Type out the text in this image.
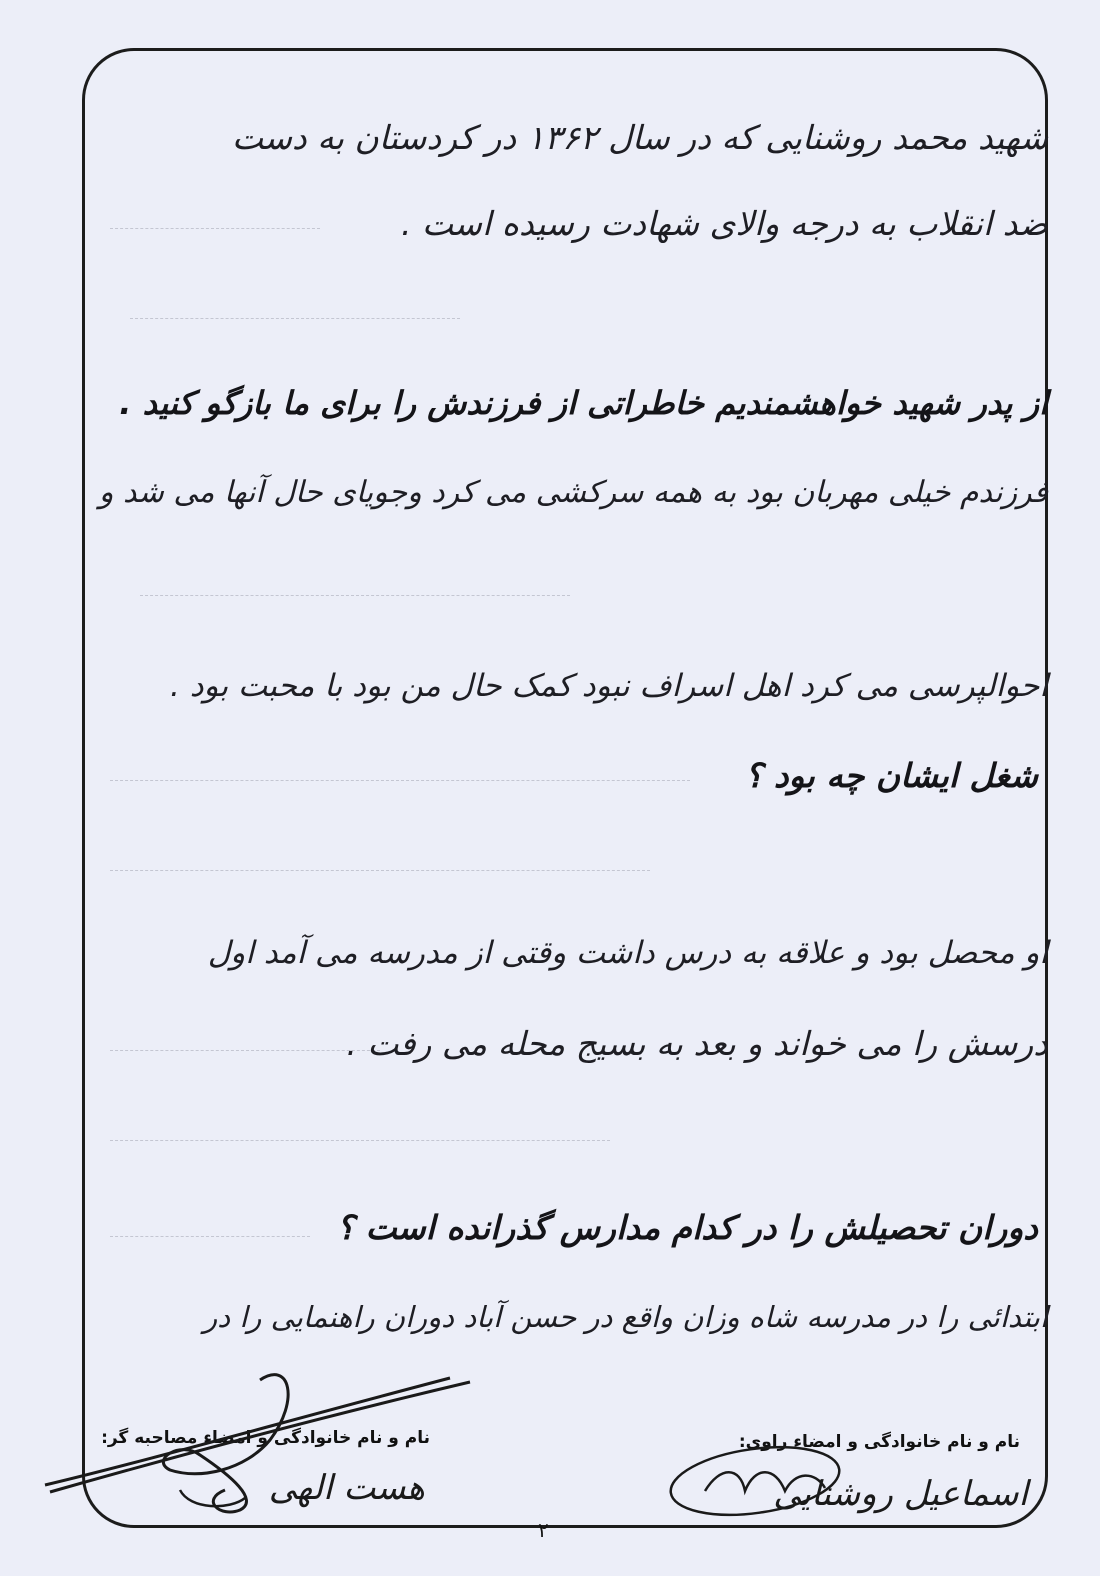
شهید محمد روشنایی که در سال ۱۳۶۲ در کردستان به دست
ضد انقلاب به درجه والای شهادت رسیده است .
از پدر شهید خواهشمندیم خاطراتی از فرزندش را برای ما بازگو کنید .
فرزندم خیلی مهربان بود به همه سرکشی می کرد وجویای حال آنها می شد و
احوالپرسی می کرد اهل اسراف نبود کمک حال من بود با محبت بود .
شغل ایشان چه بود ؟
او محصل بود و علاقه به درس داشت وقتی از مدرسه می آمد اول
درسش را می خواند و بعد به بسیج محله می رفت .
دوران تحصیلش را در کدام مدارس گذرانده است ؟
ابتدائی را در مدرسه شاه وزان واقع در حسن آباد دوران راهنمایی را در
نام و نام خانوادگی و امضاء راوی:
اسماعیل روشنایی
نام و نام خانوادگی و امضاء مصاحبه گر:
هست الهی
۲
